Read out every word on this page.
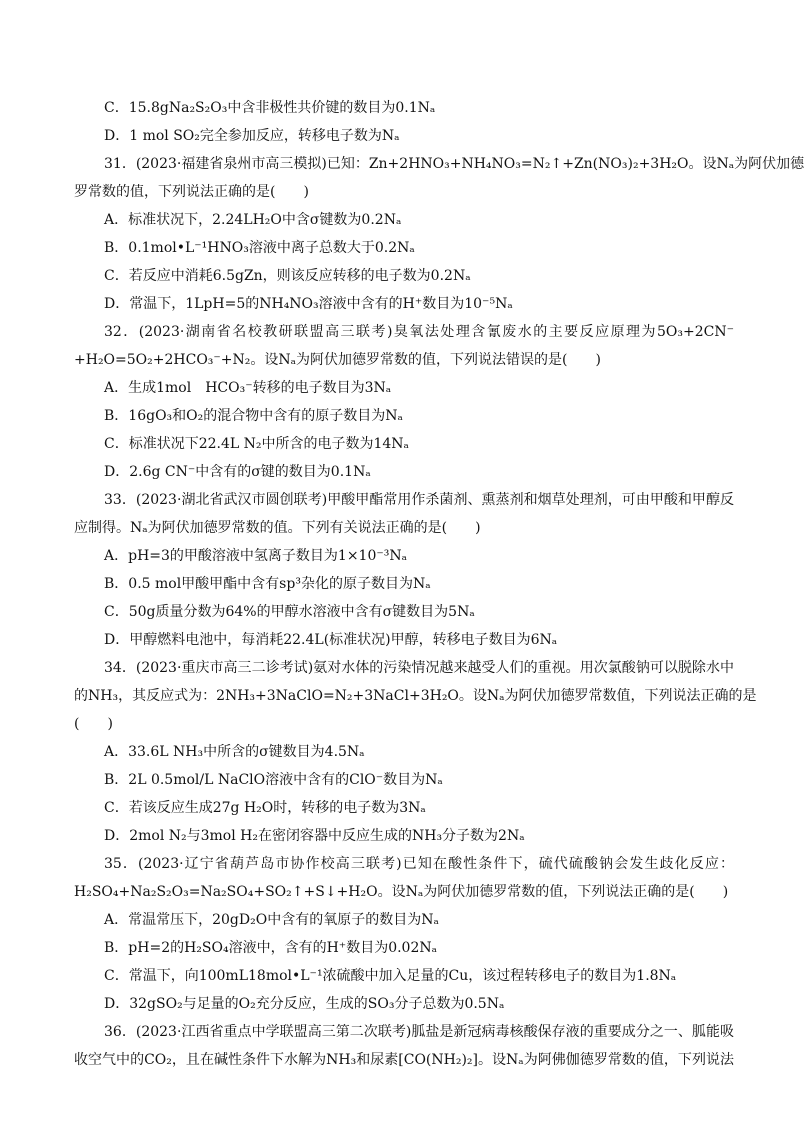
C．15.8gNa₂S₂O₃中含非极性共价键的数目为0.1Nₐ
D．1 mol SO₂完全参加反应，转移电子数为Nₐ
31．(2023·福建省泉州市高三模拟)已知：Zn+2HNO₃+NH₄NO₃=N₂↑+Zn(NO₃)₂+3H₂O。设Nₐ为阿伏加德
罗常数的值，下列说法正确的是(　　)
A．标准状况下，2.24LH₂O中含σ键数为0.2Nₐ
B．0.1mol•L⁻¹HNO₃溶液中离子总数大于0.2Nₐ
C．若反应中消耗6.5gZn，则该反应转移的电子数为0.2Nₐ
D．常温下，1LpH=5的NH₄NO₃溶液中含有的H⁺数目为10⁻⁵Nₐ
32．(2023·湖南省名校教研联盟高三联考)臭氧法处理含氰废水的主要反应原理为5O₃+2CN⁻
+H₂O=5O₂+2HCO₃⁻+N₂。设Nₐ为阿伏加德罗常数的值，下列说法错误的是(　　)
A．生成1mol　HCO₃⁻转移的电子数目为3Nₐ
B．16gO₃和O₂的混合物中含有的原子数目为Nₐ
C．标准状况下22.4L N₂中所含的电子数为14Nₐ
D．2.6g CN⁻中含有的σ键的数目为0.1Nₐ
33．(2023·湖北省武汉市圆创联考)甲酸甲酯常用作杀菌剂、熏蒸剂和烟草处理剂，可由甲酸和甲醇反
应制得。Nₐ为阿伏加德罗常数的值。下列有关说法正确的是(　　)
A．pH=3的甲酸溶液中氢离子数目为1×10⁻³Nₐ
B．0.5 mol甲酸甲酯中含有sp³杂化的原子数目为Nₐ
C．50g质量分数为64%的甲醇水溶液中含有σ键数目为5Nₐ
D．甲醇燃料电池中，每消耗22.4L(标准状况)甲醇，转移电子数目为6Nₐ
34．(2023·重庆市高三二诊考试)氨对水体的污染情况越来越受人们的重视。用次氯酸钠可以脱除水中
的NH₃，其反应式为：2NH₃+3NaClO=N₂+3NaCl+3H₂O。设Nₐ为阿伏加德罗常数值，下列说法正确的是
(　　)
A．33.6L NH₃中所含的σ键数目为4.5Nₐ
B．2L 0.5mol/L NaClO溶液中含有的ClO⁻数目为Nₐ
C．若该反应生成27g H₂O时，转移的电子数为3Nₐ
D．2mol N₂与3mol H₂在密闭容器中反应生成的NH₃分子数为2Nₐ
35．(2023·辽宁省葫芦岛市协作校高三联考)已知在酸性条件下，硫代硫酸钠会发生歧化反应：
H₂SO₄+Na₂S₂O₃=Na₂SO₄+SO₂↑+S↓+H₂O。设Nₐ为阿伏加德罗常数的值，下列说法正确的是(　　)
A．常温常压下，20gD₂O中含有的氧原子的数目为Nₐ
B．pH=2的H₂SO₄溶液中，含有的H⁺数目为0.02Nₐ
C．常温下，向100mL18mol•L⁻¹浓硫酸中加入足量的Cu，该过程转移电子的数目为1.8Nₐ
D．32gSO₂与足量的O₂充分反应，生成的SO₃分子总数为0.5Nₐ
36．(2023·江西省重点中学联盟高三第二次联考)胍盐是新冠病毒核酸保存液的重要成分之一、胍能吸
收空气中的CO₂，且在碱性条件下水解为NH₃和尿素[CO(NH₂)₂]。设Nₐ为阿佛伽德罗常数的值，下列说法
